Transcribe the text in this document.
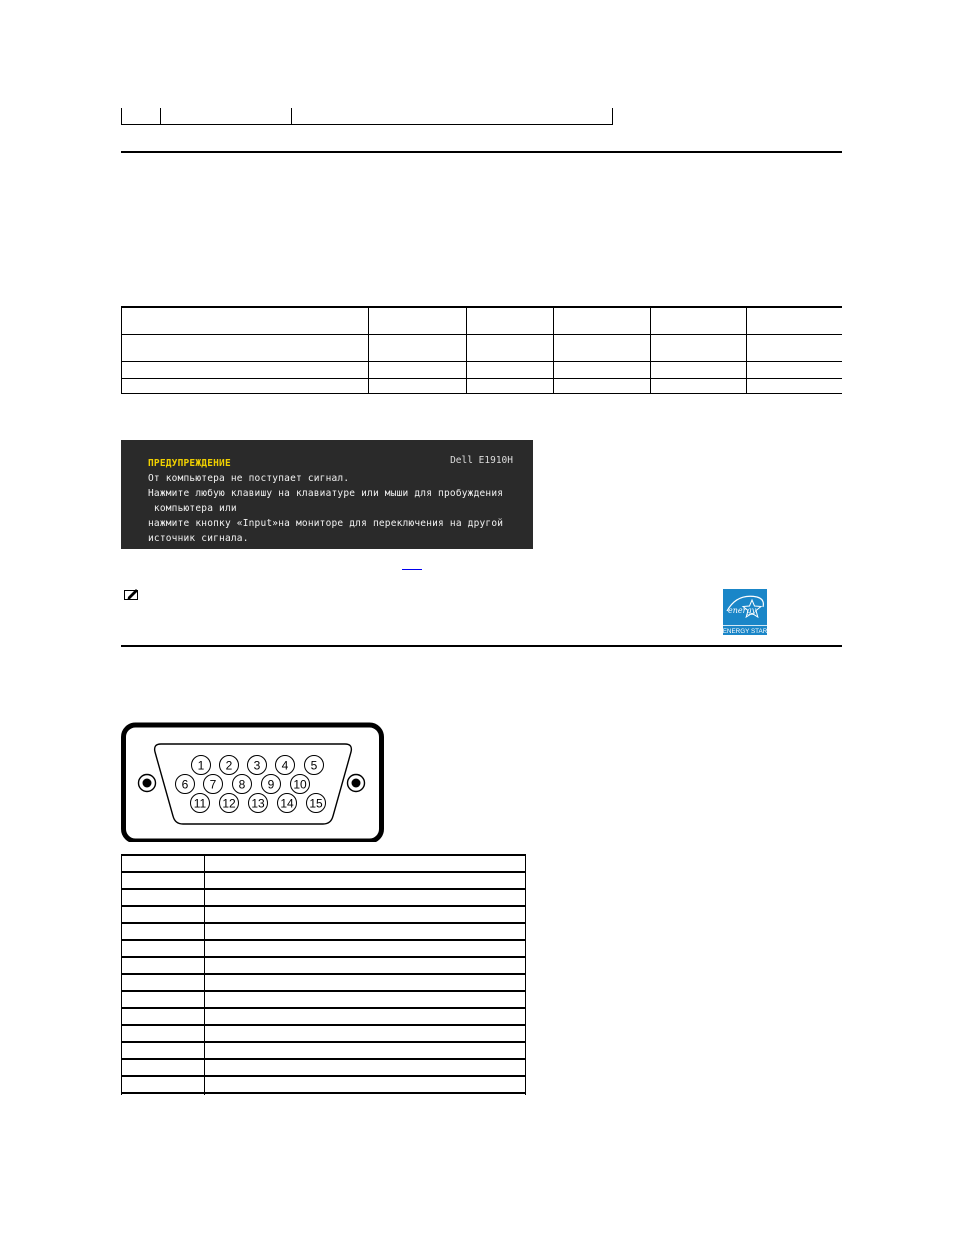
ПРЕДУПРЕЖДЕНИЕ	Dell E1910H
От компьютера не поступает сигнал.
Нажмите любую клавишу на клавиатуре или мыши для пробуждения
компьютера или
нажмите кнопку «Input»на мониторе для переключения на другой
источник сигнала.
energy
ENERGY STAR
1 2 3 4 5
6 7 8 9 10
11 12 13 14 15
